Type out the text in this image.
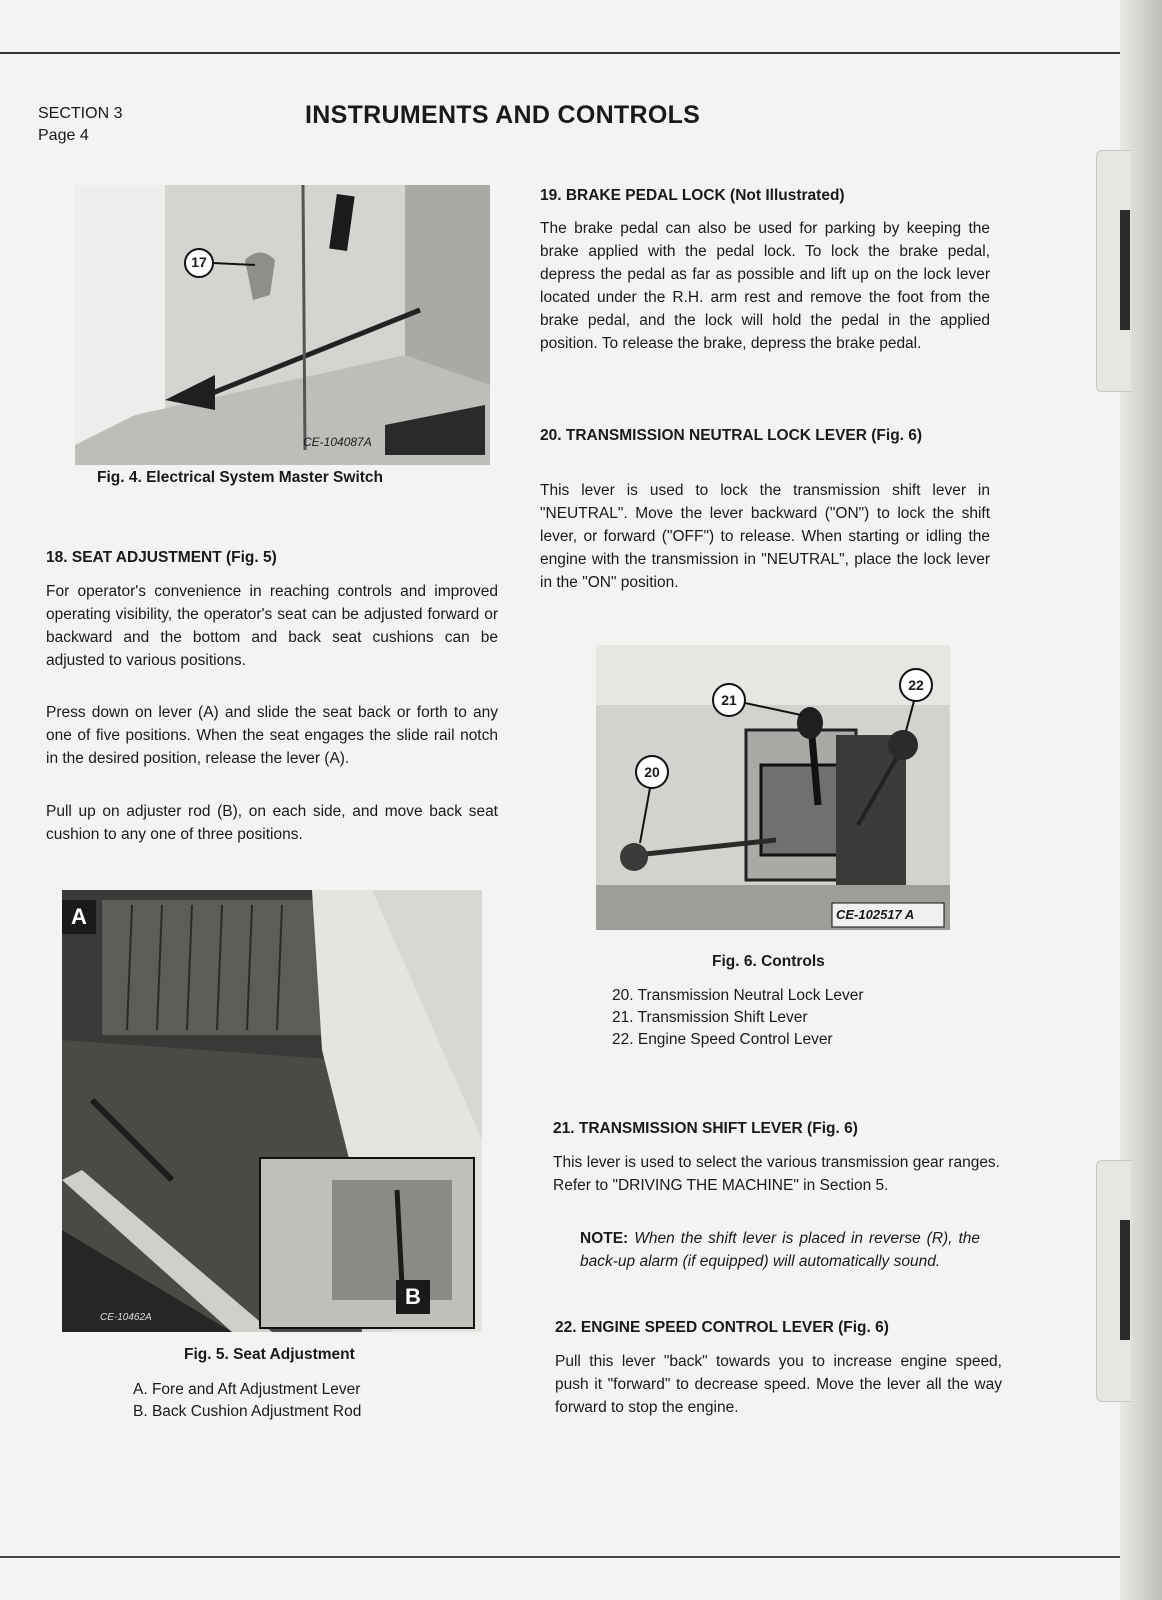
SECTION 3
Page 4
INSTRUMENTS AND CONTROLS
17
CE-104087A
Fig. 4. Electrical System Master Switch
18. SEAT ADJUSTMENT (Fig. 5)
For operator's convenience in reaching controls and improved operating visibility, the operator's seat can be adjusted forward or backward and the bottom and back seat cushions can be adjusted to various positions.
Press down on lever (A) and slide the seat back or forth to any one of five positions. When the seat engages the slide rail notch in the desired position, release the lever (A).
Pull up on adjuster rod (B), on each side, and move back seat cushion to any one of three positions.
A
B
CE-10462A
Fig. 5. Seat Adjustment
A. Fore and Aft Adjustment Lever
B. Back Cushion Adjustment Rod
19. BRAKE PEDAL LOCK (Not Illustrated)
The brake pedal can also be used for parking by keeping the brake applied with the pedal lock. To lock the brake pedal, depress the pedal as far as possible and lift up on the lock lever located under the R.H. arm rest and remove the foot from the brake pedal, and the lock will hold the pedal in the applied position. To release the brake, depress the brake pedal.
20. TRANSMISSION NEUTRAL LOCK LEVER (Fig. 6)
This lever is used to lock the transmission shift lever in "NEUTRAL". Move the lever backward ("ON") to lock the shift lever, or forward ("OFF") to release. When starting or idling the engine with the transmission in "NEUTRAL", place the lock lever in the "ON" position.
21
22
20
CE-102517 A
Fig. 6. Controls
20. Transmission Neutral Lock Lever
21. Transmission Shift Lever
22. Engine Speed Control Lever
21. TRANSMISSION SHIFT LEVER (Fig. 6)
This lever is used to select the various transmission gear ranges. Refer to "DRIVING THE MACHINE" in Section 5.
NOTE: When the shift lever is placed in reverse (R), the back-up alarm (if equipped) will automatically sound.
22. ENGINE SPEED CONTROL LEVER (Fig. 6)
Pull this lever "back" towards you to increase engine speed, push it "forward" to decrease speed. Move the lever all the way forward to stop the engine.
